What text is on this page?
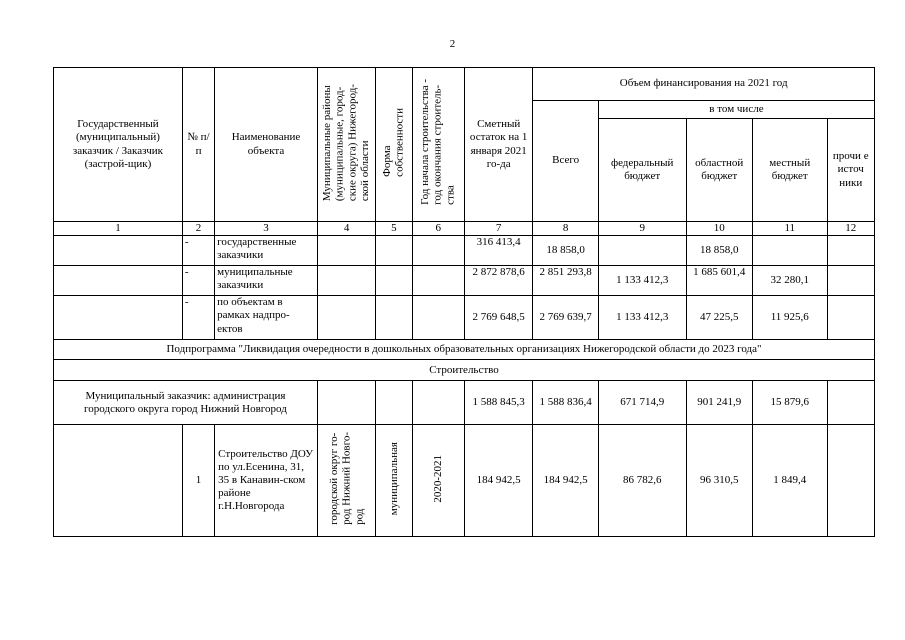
2
Государственный (муниципальный) заказчик / Заказчик (застрой-щик)	№ п/п	Наименование объекта	Муниципальные районы
(муниципальные, город-
ские округа) Нижегород-
ской области	Форма
собственности	Год начала строительства -
год окончания строитель-
ства	Сметный остаток на 1 января 2021 го-да	Объем финансирования на 2021 год				
							Всего	в том числе			
								федеральный бюджет	областной бюджет	местный бюджет	прочи е источ ники
1	2	3	4	5	6	7	8	9	10	11	12
	-	государственные заказчики				316 413,4	18 858,0		18 858,0		
	-	муниципальные заказчики				2 872 878,6	2 851 293,8	1 133 412,3	1 685 601,4	32 280,1	
	-	по объектам в рамках надпро-ектов				2 769 648,5	2 769 639,7	1 133 412,3	47 225,5	11 925,6	
Подпрограмма "Ликвидация очередности в дошкольных образовательных организациях Нижегородской области до 2023 года"											
Строительство											
Муниципальный заказчик: администрация городского округа город Нижний Новгород						1 588 845,3	1 588 836,4	671 714,9	901 241,9	15 879,6	
	1	Строительство ДОУ по ул.Есенина, 31, 35 в Канавин-ском районе г.Н.Новгорода	городской округ го-
род Нижний Новго-
род	муниципальная	2020-2021	184 942,5	184 942,5	86 782,6	96 310,5	1 849,4	
